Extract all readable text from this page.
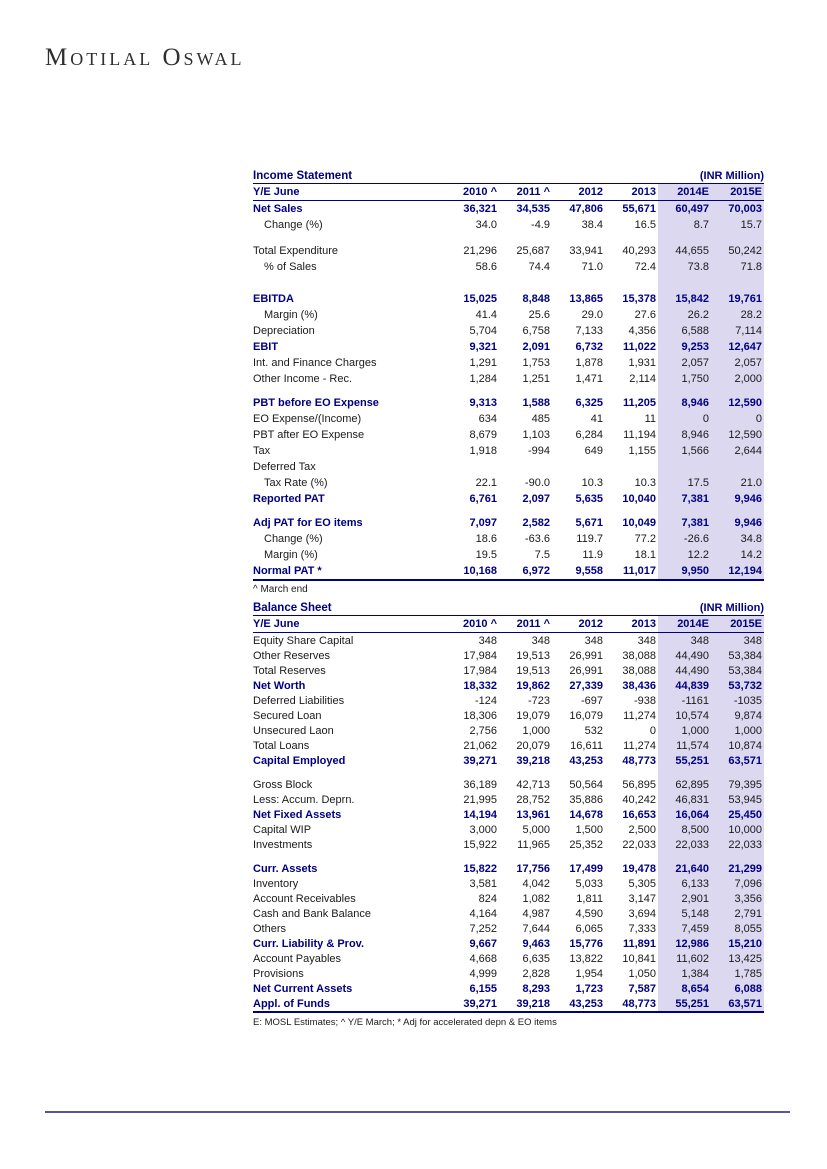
Motilal Oswal
Income Statement	(INR Million)
Y/E June	2010 ^	2011 ^	2012	2013	2014E	2015E
Net Sales	36,321	34,535	47,806	55,671	60,497	70,003
Change (%)	34.0	-4.9	38.4	16.5	8.7	15.7
Total Expenditure	21,296	25,687	33,941	40,293	44,655	50,242
% of Sales	58.6	74.4	71.0	72.4	73.8	71.8
EBITDA	15,025	8,848	13,865	15,378	15,842	19,761
Margin (%)	41.4	25.6	29.0	27.6	26.2	28.2
Depreciation	5,704	6,758	7,133	4,356	6,588	7,114
EBIT	9,321	2,091	6,732	11,022	9,253	12,647
Int. and Finance Charges	1,291	1,753	1,878	1,931	2,057	2,057
Other Income - Rec.	1,284	1,251	1,471	2,114	1,750	2,000
PBT before EO Expense	9,313	1,588	6,325	11,205	8,946	12,590
EO Expense/(Income)	634	485	41	11	0	0
PBT after EO Expense	8,679	1,103	6,284	11,194	8,946	12,590
Tax	1,918	-994	649	1,155	1,566	2,644
Deferred Tax
Tax Rate (%)	22.1	-90.0	10.3	10.3	17.5	21.0
Reported PAT	6,761	2,097	5,635	10,040	7,381	9,946
Adj PAT for EO items	7,097	2,582	5,671	10,049	7,381	9,946
Change (%)	18.6	-63.6	119.7	77.2	-26.6	34.8
Margin (%)	19.5	7.5	11.9	18.1	12.2	14.2
Normal PAT *	10,168	6,972	9,558	11,017	9,950	12,194
^ March end
Balance Sheet	(INR Million)
Y/E June	2010 ^	2011 ^	2012	2013	2014E	2015E
Equity Share Capital	348	348	348	348	348	348
Other Reserves	17,984	19,513	26,991	38,088	44,490	53,384
Total Reserves	17,984	19,513	26,991	38,088	44,490	53,384
Net Worth	18,332	19,862	27,339	38,436	44,839	53,732
Deferred Liabilities	-124	-723	-697	-938	-1161	-1035
Secured Loan	18,306	19,079	16,079	11,274	10,574	9,874
Unsecured Laon	2,756	1,000	532	0	1,000	1,000
Total Loans	21,062	20,079	16,611	11,274	11,574	10,874
Capital Employed	39,271	39,218	43,253	48,773	55,251	63,571
Gross Block	36,189	42,713	50,564	56,895	62,895	79,395
Less: Accum. Deprn.	21,995	28,752	35,886	40,242	46,831	53,945
Net Fixed Assets	14,194	13,961	14,678	16,653	16,064	25,450
Capital WIP	3,000	5,000	1,500	2,500	8,500	10,000
Investments	15,922	11,965	25,352	22,033	22,033	22,033
Curr. Assets	15,822	17,756	17,499	19,478	21,640	21,299
Inventory	3,581	4,042	5,033	5,305	6,133	7,096
Account Receivables	824	1,082	1,811	3,147	2,901	3,356
Cash and Bank Balance	4,164	4,987	4,590	3,694	5,148	2,791
Others	7,252	7,644	6,065	7,333	7,459	8,055
Curr. Liability & Prov.	9,667	9,463	15,776	11,891	12,986	15,210
Account Payables	4,668	6,635	13,822	10,841	11,602	13,425
Provisions	4,999	2,828	1,954	1,050	1,384	1,785
Net Current Assets	6,155	8,293	1,723	7,587	8,654	6,088
Appl. of Funds	39,271	39,218	43,253	48,773	55,251	63,571
E: MOSL Estimates; ^ Y/E March; * Adj for accelerated depn & EO items
